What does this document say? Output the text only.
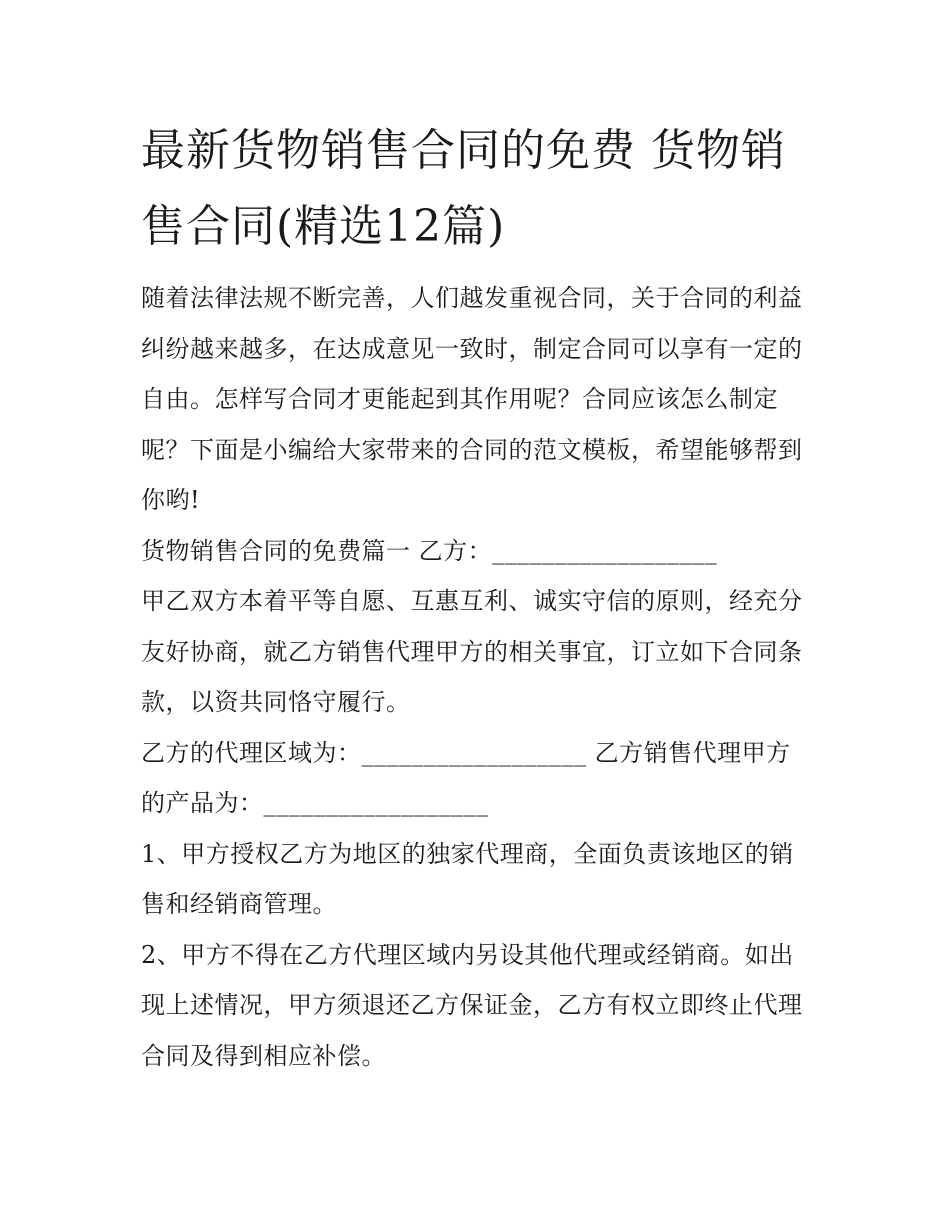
最新货物销售合同的免费 货物销售合同(精选12篇)

随着法律法规不断完善，人们越发重视合同，关于合同的利益纠纷越来越多，在达成意见一致时，制定合同可以享有一定的自由。怎样写合同才更能起到其作用呢？合同应该怎么制定呢？下面是小编给大家带来的合同的范文模板，希望能够帮到你哟!

货物销售合同的免费篇一 乙方：__________________

甲乙双方本着平等自愿、互惠互利、诚实守信的原则，经充分友好协商，就乙方销售代理甲方的相关事宜，订立如下合同条款，以资共同恪守履行。

乙方的代理区域为：__________________ 乙方销售代理甲方的产品为：__________________

1、甲方授权乙方为地区的独家代理商，全面负责该地区的销售和经销商管理。

2、甲方不得在乙方代理区域内另设其他代理或经销商。如出现上述情况，甲方须退还乙方保证金，乙方有权立即终止代理合同及得到相应补偿。
